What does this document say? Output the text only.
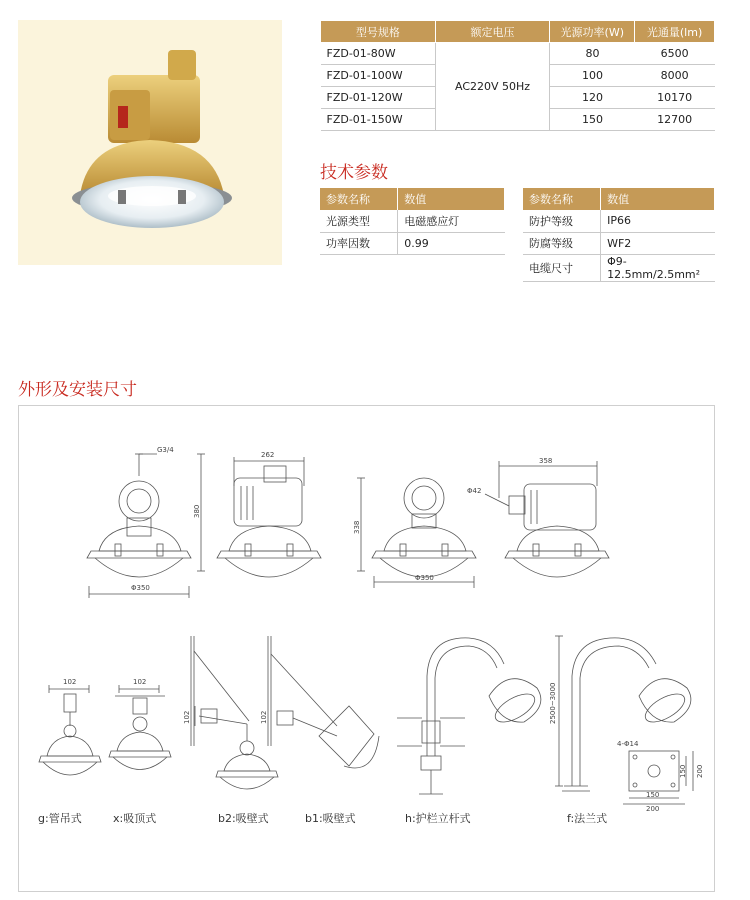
型号规格	额定电压	光源功率(W)	光通量(lm)
FZD-01-80W	AC220V 50Hz	80	6500
FZD-01-100W		100	8000
FZD-01-120W		120	10170
FZD-01-150W		150	12700
技术参数
参数名称	数值
光源类型	电磁感应灯
功率因数	0.99
参数名称	数值
防护等级	IP66
防腐等级	WF2
电缆尺寸	Φ9-12.5mm/2.5mm²
外形及安装尺寸
G3/4
380
Φ350
262
338
Φ350
358
Φ42
102	102
102	102	2500~3000
4-Φ14
150
200
150 200
g:管吊式	x:吸顶式	b2:吸壁式	b1:吸壁式	h:护栏立杆式	f:法兰式
